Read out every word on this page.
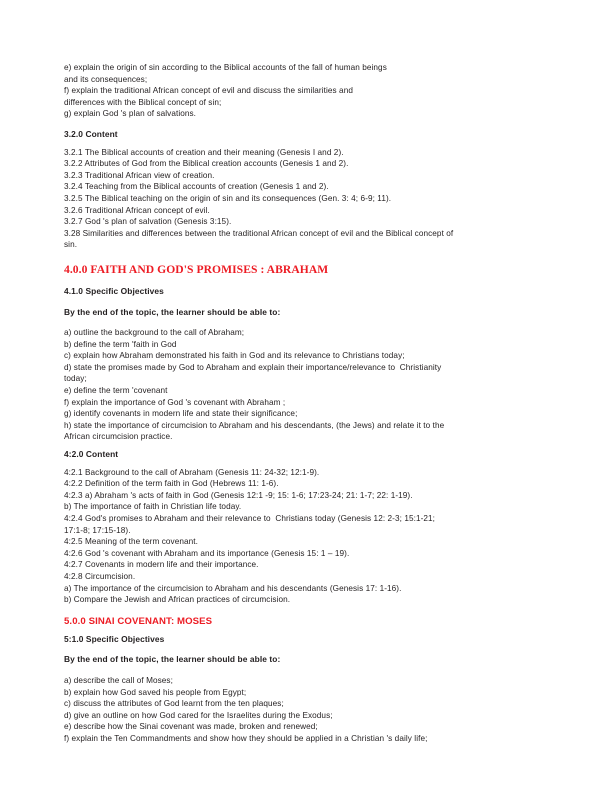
e) explain the origin of sin according to the Biblical accounts of the fall of human beings
and its consequences;
f) explain the traditional African concept of evil and discuss the similarities and
differences with the Biblical concept of sin;
g) explain God 's plan of salvations.
3.2.0 Content
3.2.1 The Biblical accounts of creation and their meaning (Genesis I and 2).
3.2.2 Attributes of God from the Biblical creation accounts (Genesis 1 and 2).
3.2.3 Traditional African view of creation.
3.2.4 Teaching from the Biblical accounts of creation (Genesis 1 and 2).
3.2.5 The Biblical teaching on the origin of sin and its consequences (Gen. 3: 4; 6-9; 11).
3.2.6 Traditional African concept of evil.
3.2.7 God 's plan of salvation (Genesis 3:15).
3.28 Similarities and differences between the traditional African concept of evil and the Biblical concept of
sin.
4.0.0 FAITH AND GOD'S PROMISES : ABRAHAM
4.1.0 Specific Objectives
By the end of the topic, the learner should be able to:
a) outline the background to the call of Abraham;
b) define the term 'faith in God
c) explain how Abraham demonstrated his faith in God and its relevance to Christians today;
d) state the promises made by God to Abraham and explain their importance/relevance to  Christianity
today;
e) define the term 'covenant
f) explain the importance of God 's covenant with Abraham ;
g) identify covenants in modern life and state their significance;
h) state the importance of circumcision to Abraham and his descendants, (the Jews) and relate it to the
African circumcision practice.
4:2.0 Content
4:2.1 Background to the call of Abraham (Genesis 11: 24-32; 12:1-9).
4:2.2 Definition of the term faith in God (Hebrews 11: 1-6).
4:2.3 a) Abraham 's acts of faith in God (Genesis 12:1 -9; 15: 1-6; 17:23-24; 21: 1-7; 22: 1-19).
b) The importance of faith in Christian life today.
4:2.4 God's promises to Abraham and their relevance to  Christians today (Genesis 12: 2-3; 15:1-21;
17:1-8; 17:15-18).
4:2.5 Meaning of the term covenant.
4:2.6 God 's covenant with Abraham and its importance (Genesis 15: 1 – 19).
4:2.7 Covenants in modern life and their importance.
4:2.8 Circumcision.
a) The importance of the circumcision to Abraham and his descendants (Genesis 17: 1-16).
b) Compare the Jewish and African practices of circumcision.
5.0.0 SINAI COVENANT: MOSES
5:1.0 Specific Objectives
By the end of the topic, the learner should be able to:
a) describe the call of Moses;
b) explain how God saved his people from Egypt;
c) discuss the attributes of God learnt from the ten plaques;
d) give an outline on how God cared for the Israelites during the Exodus;
e) describe how the Sinai covenant was made, broken and renewed;
f) explain the Ten Commandments and show how they should be applied in a Christian 's daily life;
